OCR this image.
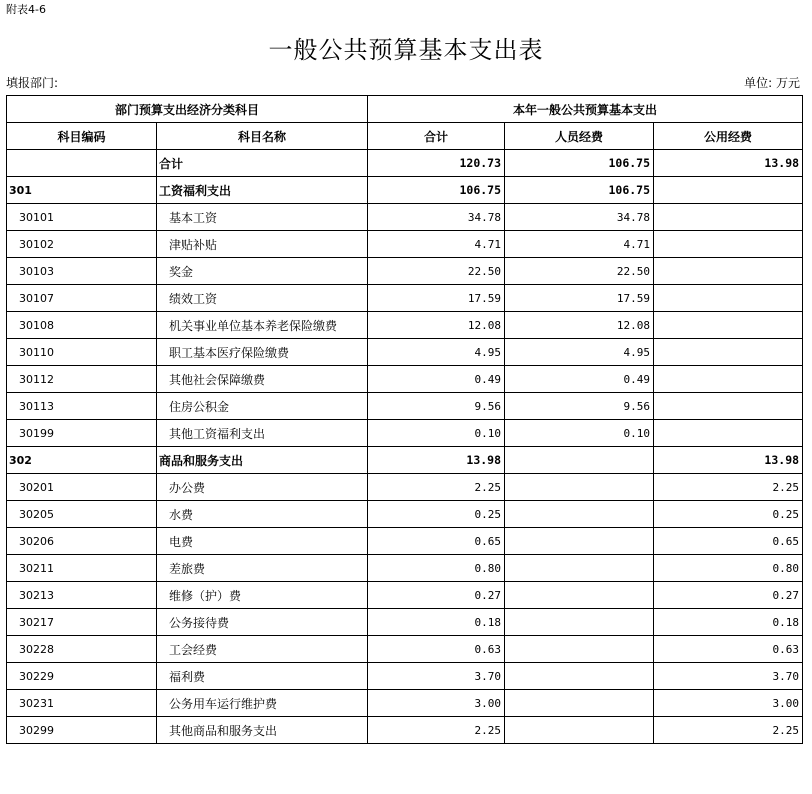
附表4-6
一般公共预算基本支出表
填报部门:	单位: 万元
部门预算支出经济分类科目		本年一般公共预算基本支出		
科目编码	科目名称	合计	人员经费	公用经费
	合计	120.73	106.75	13.98
301	工资福利支出	106.75	106.75	
30101	基本工资	34.78	34.78	
30102	津贴补贴	4.71	4.71	
30103	奖金	22.50	22.50	
30107	绩效工资	17.59	17.59	
30108	机关事业单位基本养老保险缴费	12.08	12.08	
30110	职工基本医疗保险缴费	4.95	4.95	
30112	其他社会保障缴费	0.49	0.49	
30113	住房公积金	9.56	9.56	
30199	其他工资福利支出	0.10	0.10	
302	商品和服务支出	13.98		13.98
30201	办公费	2.25		2.25
30205	水费	0.25		0.25
30206	电费	0.65		0.65
30211	差旅费	0.80		0.80
30213	维修（护）费	0.27		0.27
30217	公务接待费	0.18		0.18
30228	工会经费	0.63		0.63
30229	福利费	3.70		3.70
30231	公务用车运行维护费	3.00		3.00
30299	其他商品和服务支出	2.25		2.25
